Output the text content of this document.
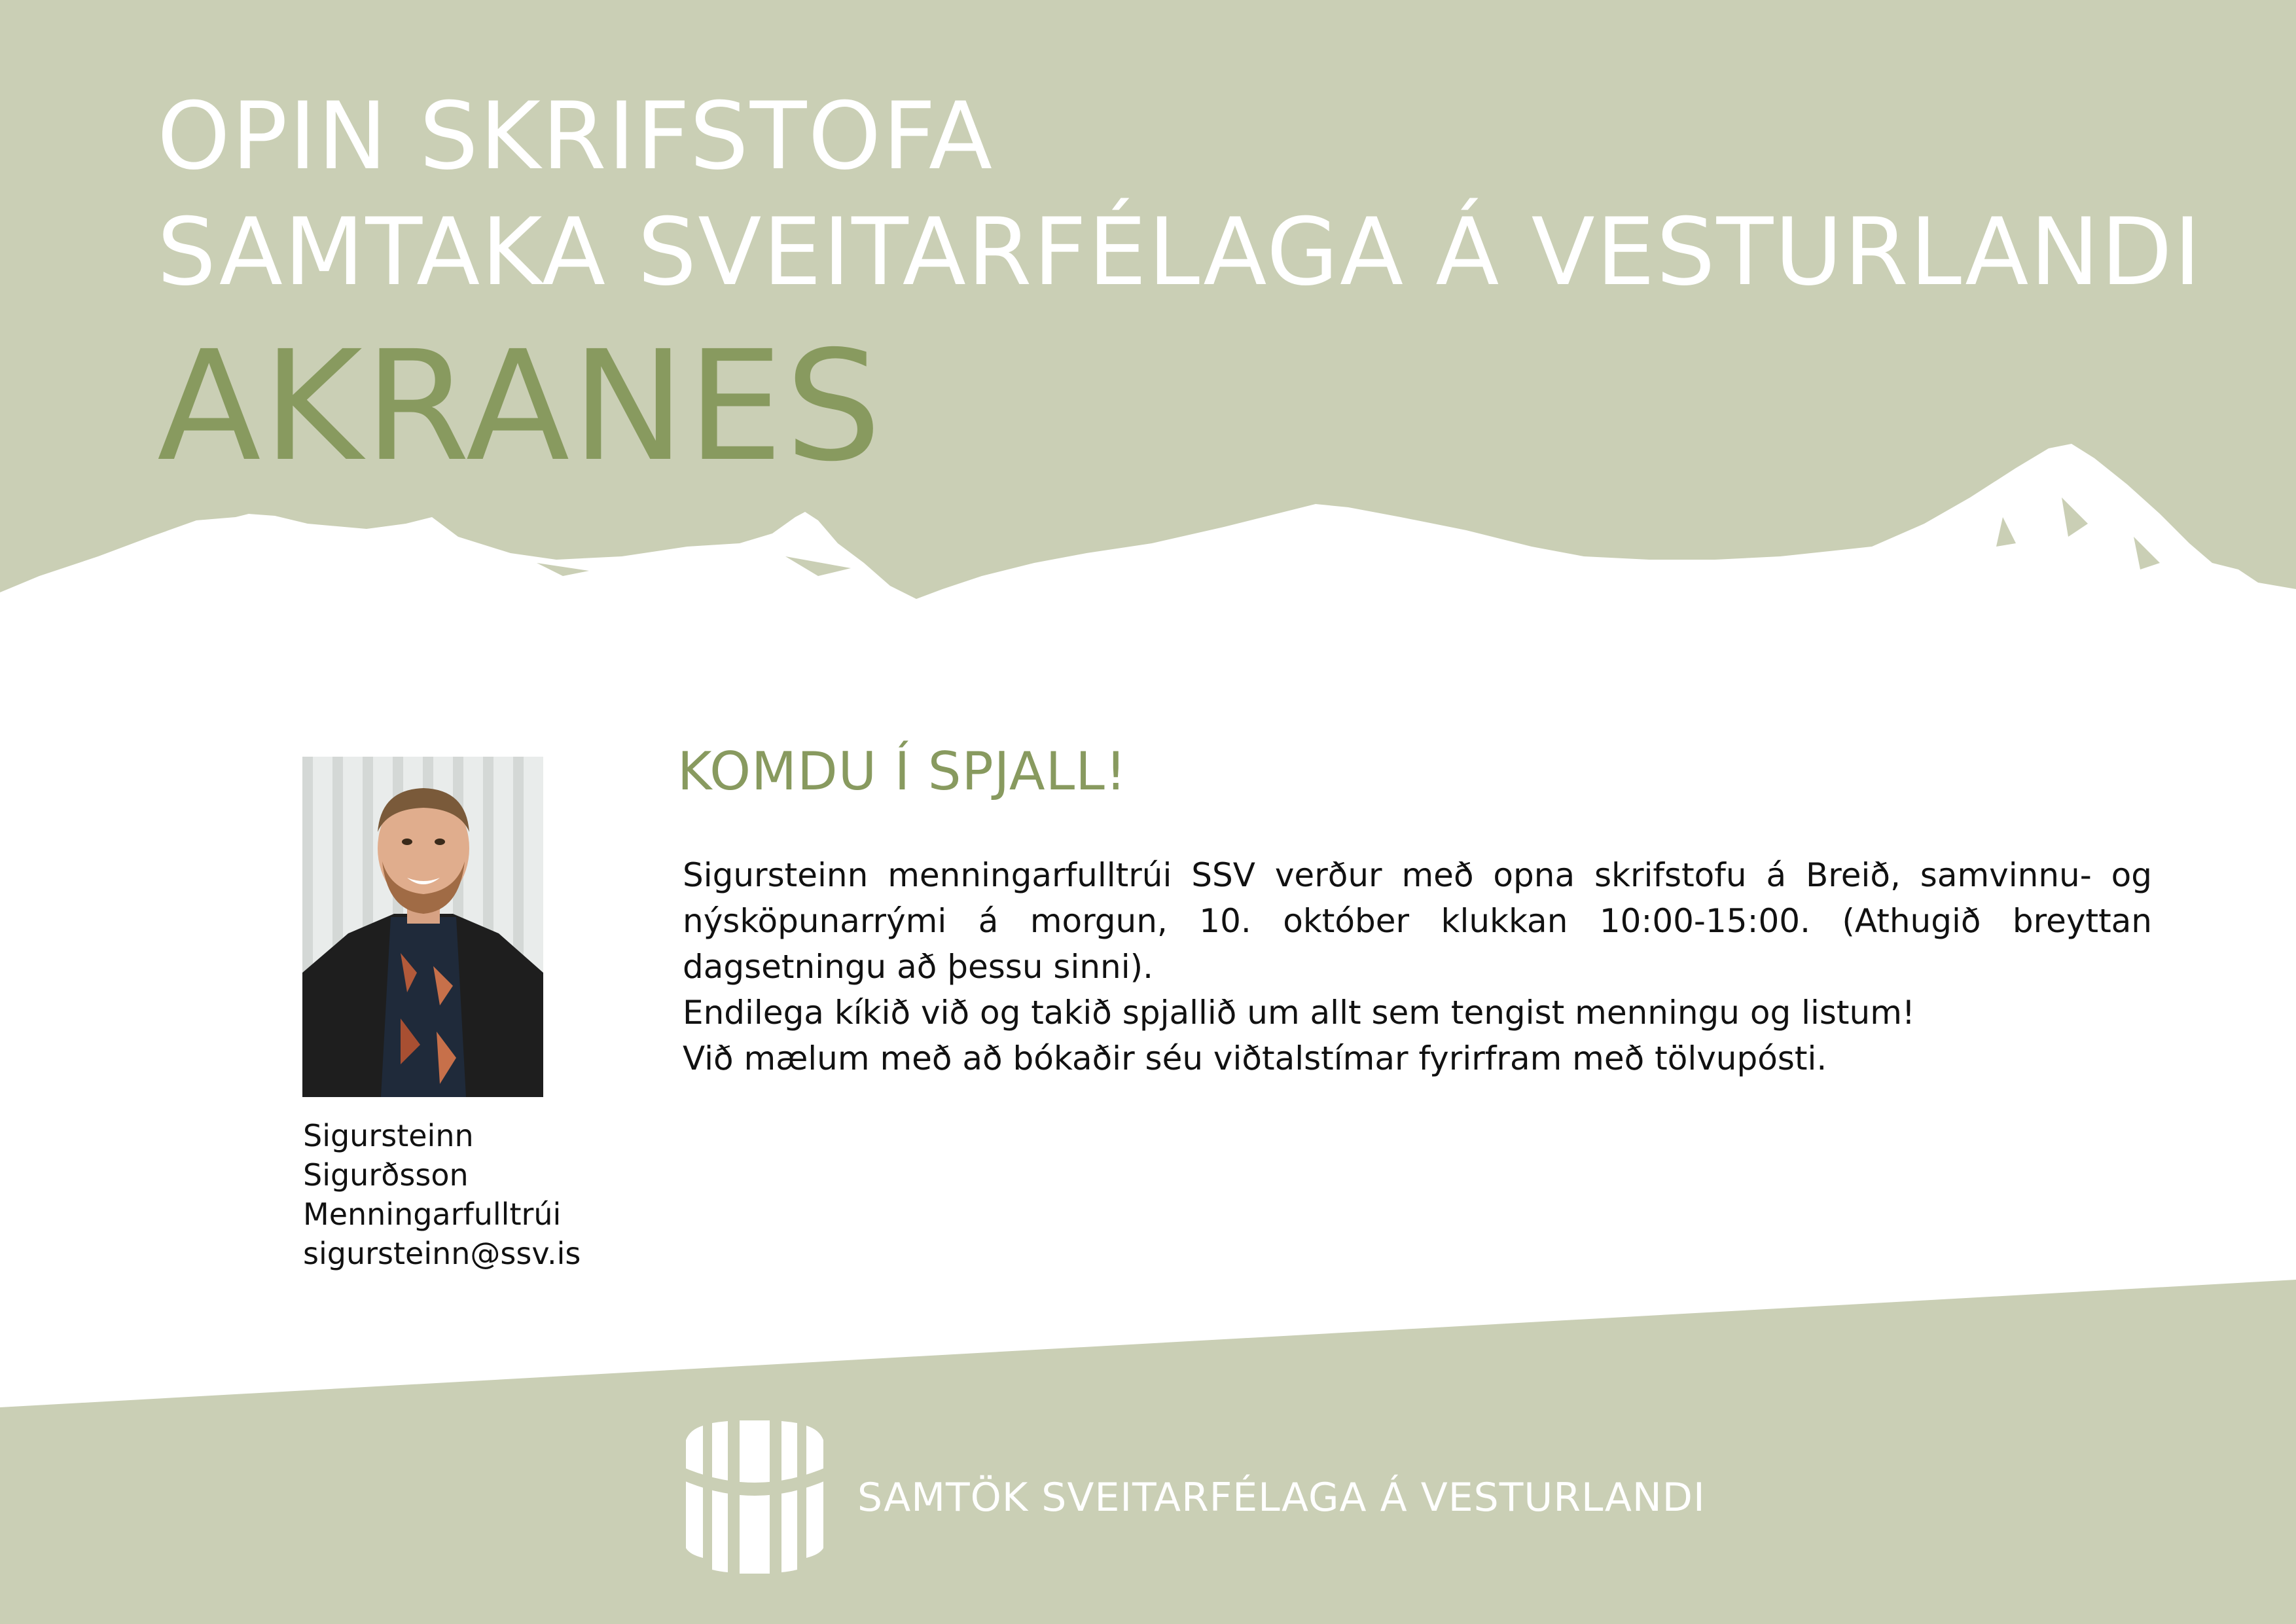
OPIN SKRIFSTOFA
SAMTAKA SVEITARFÉLAGA Á VESTURLANDI
AKRANES
Sigursteinn
Sigurðsson
Menningarfulltrúi
sigursteinn@ssv.is
KOMDU Í SPJALL!

Sigursteinn menningarfulltrúi SSV verður með opna skrifstofu á Breið, samvinnu- og nýsköpunarrými á morgun, 10. október klukkan 10:00-15:00. (Athugið breyttan dagsetningu að þessu sinni).

Endilega kíkið við og takið spjallið um allt sem tengist menningu og listum!

Við mælum með að bókaðir séu viðtalstímar fyrirfram með tölvupósti.

SAMTÖK SVEITARFÉLAGA Á VESTURLANDI
